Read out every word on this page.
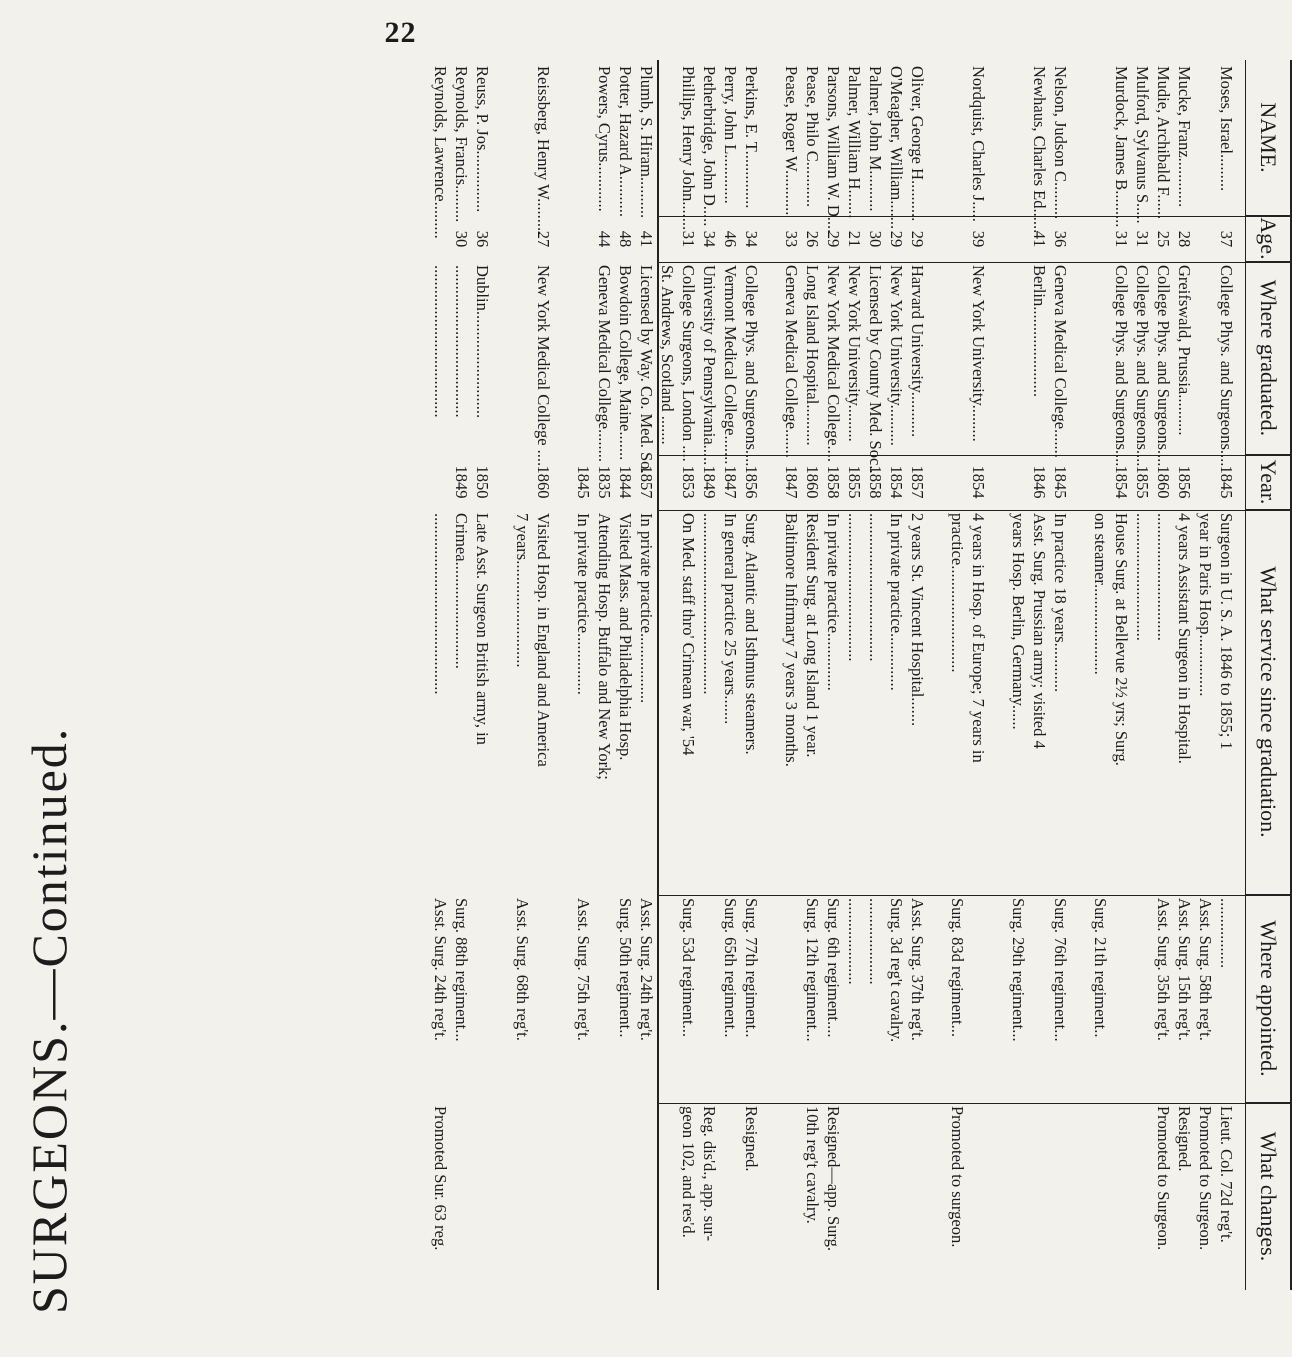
22
SURGEONS.—Continued.
NAME.
Age.
Where graduated.
Year.
What service since graduation.
Where appointed.
What changes.
Moses, Israel.........
37
College Phys. and Surgeons....
1845
Surgeon in U. S. A. 1846 to 1855; 1
.................
Lieut. Col. 72d reg't.
year in Paris Hosp...............
Asst. Surg. 58th reg't.
Promoted to Surgeon.
Mucke, Franz............
28
Greifswald, Prussia..........
1856
4 years Assistant Surgeon in Hospital.
Asst. Surg. 15th reg't.
Resigned.
Mudie, Archibald F......
25
College Phys. and Surgeons....
1860
...............................
Asst. Surg. 35th reg't.
Promoted to Surgeon.
Mulford, Sylvanus S.....
31
College Phys. and Surgeons....
1855
...............................
Murdock, James B.........
31
College Phys. and Surgeons....
1854
House Surg. at Bellevue 2½ yrs; Surg.
on steamer......................
Surg. 21th regiment..
Nelson, Judson C.........
36
Geneva Medical College.......
1845
In practice 18 years............
Surg. 76th regiment...
Newhaus, Charles Ed......
41
Berlin......................
1846
Asst. Surg. Prussian army; visited 4
years Hosp. Berlin, Germany......
Surg. 29th regiment...
Nordquist, Charles J.....
39
New York University.........
1854
4 years in Hosp. of Europe; 7 years in
practice..........................
Surg. 83d regiment...
Promoted to surgeon.
Oliver, George H..........
29
Harvard University...........
1857
2 years St. Vincent Hospital.......
Asst. Surg. 37th reg't.
O'Meagher, William.......
29
New York University..........
1854
In private practice..............
Surg. 3d reg't cavalry.
Palmer, John M..........
30
Licensed by County Med. Soc..
1858
....................................
.....................
Palmer, William H.......
21
New York University.........
1855
....................................
.....................
Parsons, William W. D....
29
New York Medical College....
1858
In private practice..............
Surg. 6th regiment....
Resigned—app. Surg.
Pease, Philo C...........
26
Long Island Hospital..........
1860
Resident Surg. at Long Island 1 year.
Surg. 12th regiment...
10th reg't cavalry.
Pease, Roger W...........
33
Geneva Medical College.......
1847
Baltimore Infirmary 7 years 3 months.
Perkins, E. T..............
34
College Phys. and Surgeons....
1856
Surg. Atlantic and Isthmus steamers.
Surg. 77th regiment..
Resigned.
Perry, John L............
46
Vermont Medical College.......
1847
In general practice 25 years.......
Surg. 65th regiment..
Petherbridge, John D.....
34
University of Pennsylvania.....
1849
............................................
Reg. dis'd., app. sur-
Phillips, Henry John.......
31
College Surgeons, London ....
1853
On Med. staff thro' Crimean war, '54
Surg. 53d regiment...
geon 102, and res'd.
St. Andrews, Scotland .......
Plumb, S. Hiram..........
41
Licensed by Way. Co. Med. So.
1857
In private practice.................
Asst. Surg. 24th reg't.
Potter, Hazard A..........
48
Bowdoin College, Maine.......
1844
Visited Mass. and Philadelphia Hosp.
Surg. 50th regiment..
Powers, Cyrus............
44
Geneva Medical College........
1835
Attending Hosp. Buffalo and New York;
1845
In private practice...............
Asst. Surg. 75th reg't.
Reissberg, Henry W.........
27
New York Medical College ....
1860
Visited Hosp. in England and America
7 years..........................
Asst. Surg. 68th reg't.
Reuss, P. Jos...............
36
Dublin..........................
1850
Late Asst. Surgeon British army, in
Reynolds, Francis.........
30
.....................................
1849
Crimea..........................
Surg. 88th regiment...
Reynolds, Lawrence.........
.....................................
............................................
Asst. Surg. 24th reg't.
Promoted Sur. 63 reg.
